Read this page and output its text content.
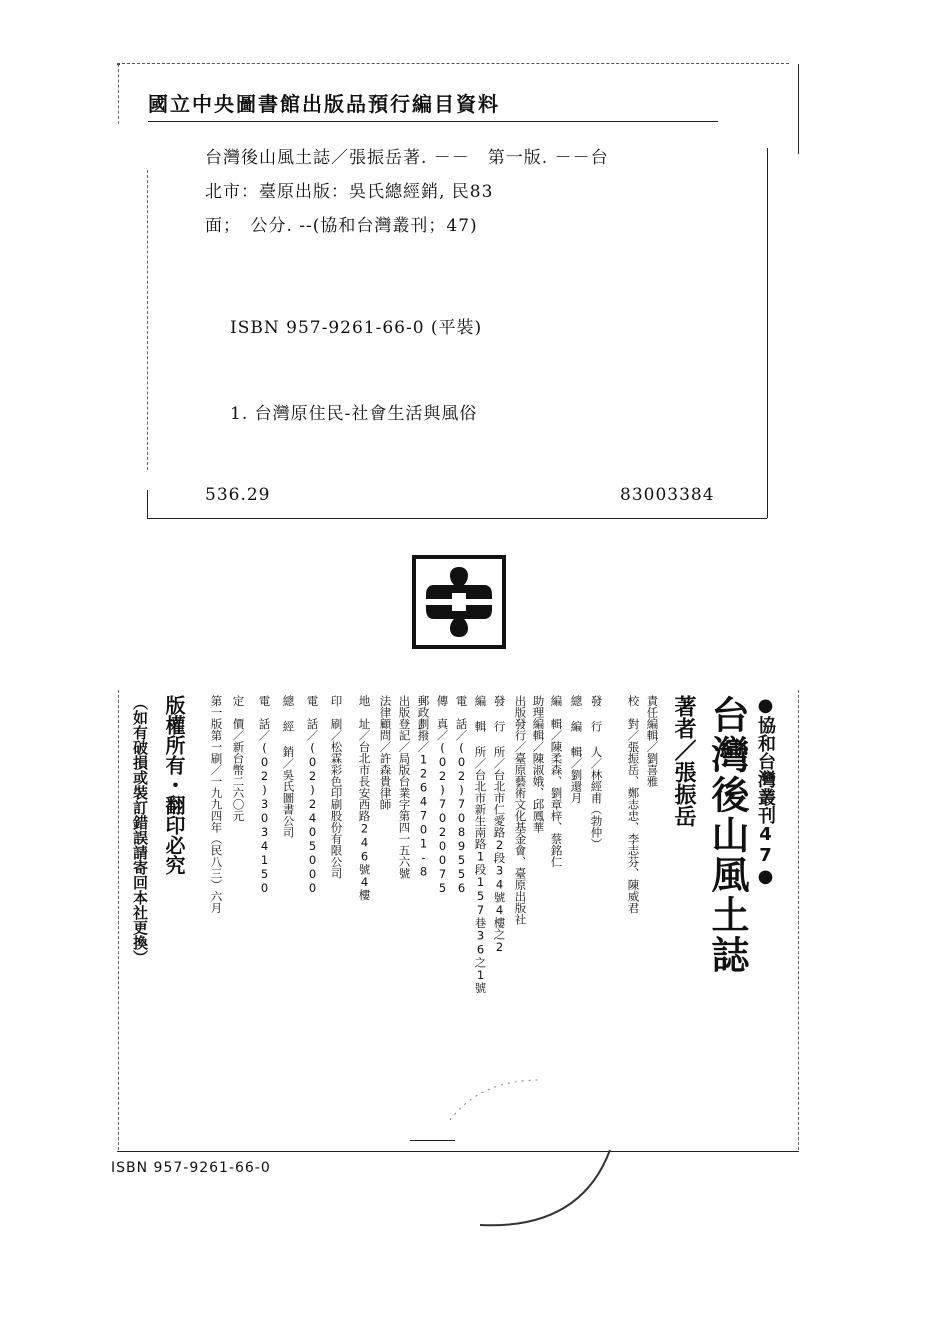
國立中央圖書館出版品預行編目資料
台灣後山風土誌／張振岳著. －－　第一版. －－台
北市：臺原出版：吳氏總經銷, 民83
面；　公分. --(協和台灣叢刊；47)
ISBN 957-9261-66-0 (平裝)
1. 台灣原住民-社會生活與風俗
536.29	83003384
●協和台灣叢刊47●
台灣後山風土誌
著者／張振岳
責任編輯／劉喜雅
校　對／張振岳、鄭志忠、李志芬、陳威君
發 行 人／林經甫（勃仲）
總 編 輯／劉還月
編　輯／陳柔森、劉章梓、蔡銘仁
助理編輯／陳淑娥、邱鳳華
出版發行／臺原藝術文化基金會、臺原出版社
發 行 所／台北市仁愛路2段34號4樓之2
編 輯 所／台北市新生南路1段157巷36之1號
電　話／(02)7089556
傳　真／(02)7020075
郵政劃撥／1264701-8
出版登記／局版台業字第四一五六號
法律顧問／許森貴律師
地　址／台北市長安西路246號4樓
印　刷／松霖彩色印刷股份有限公司
電　話／(02)2405000
總 經 銷／吳氏圖書公司
電　話／(02)3034150
定　價／新台幣二六〇元
第一版第一刷／一九九四年（民八三）六月
版權所有・翻印必究
（如有破損或裝訂錯誤請寄回本社更換）
ISBN 957-9261-66-0
